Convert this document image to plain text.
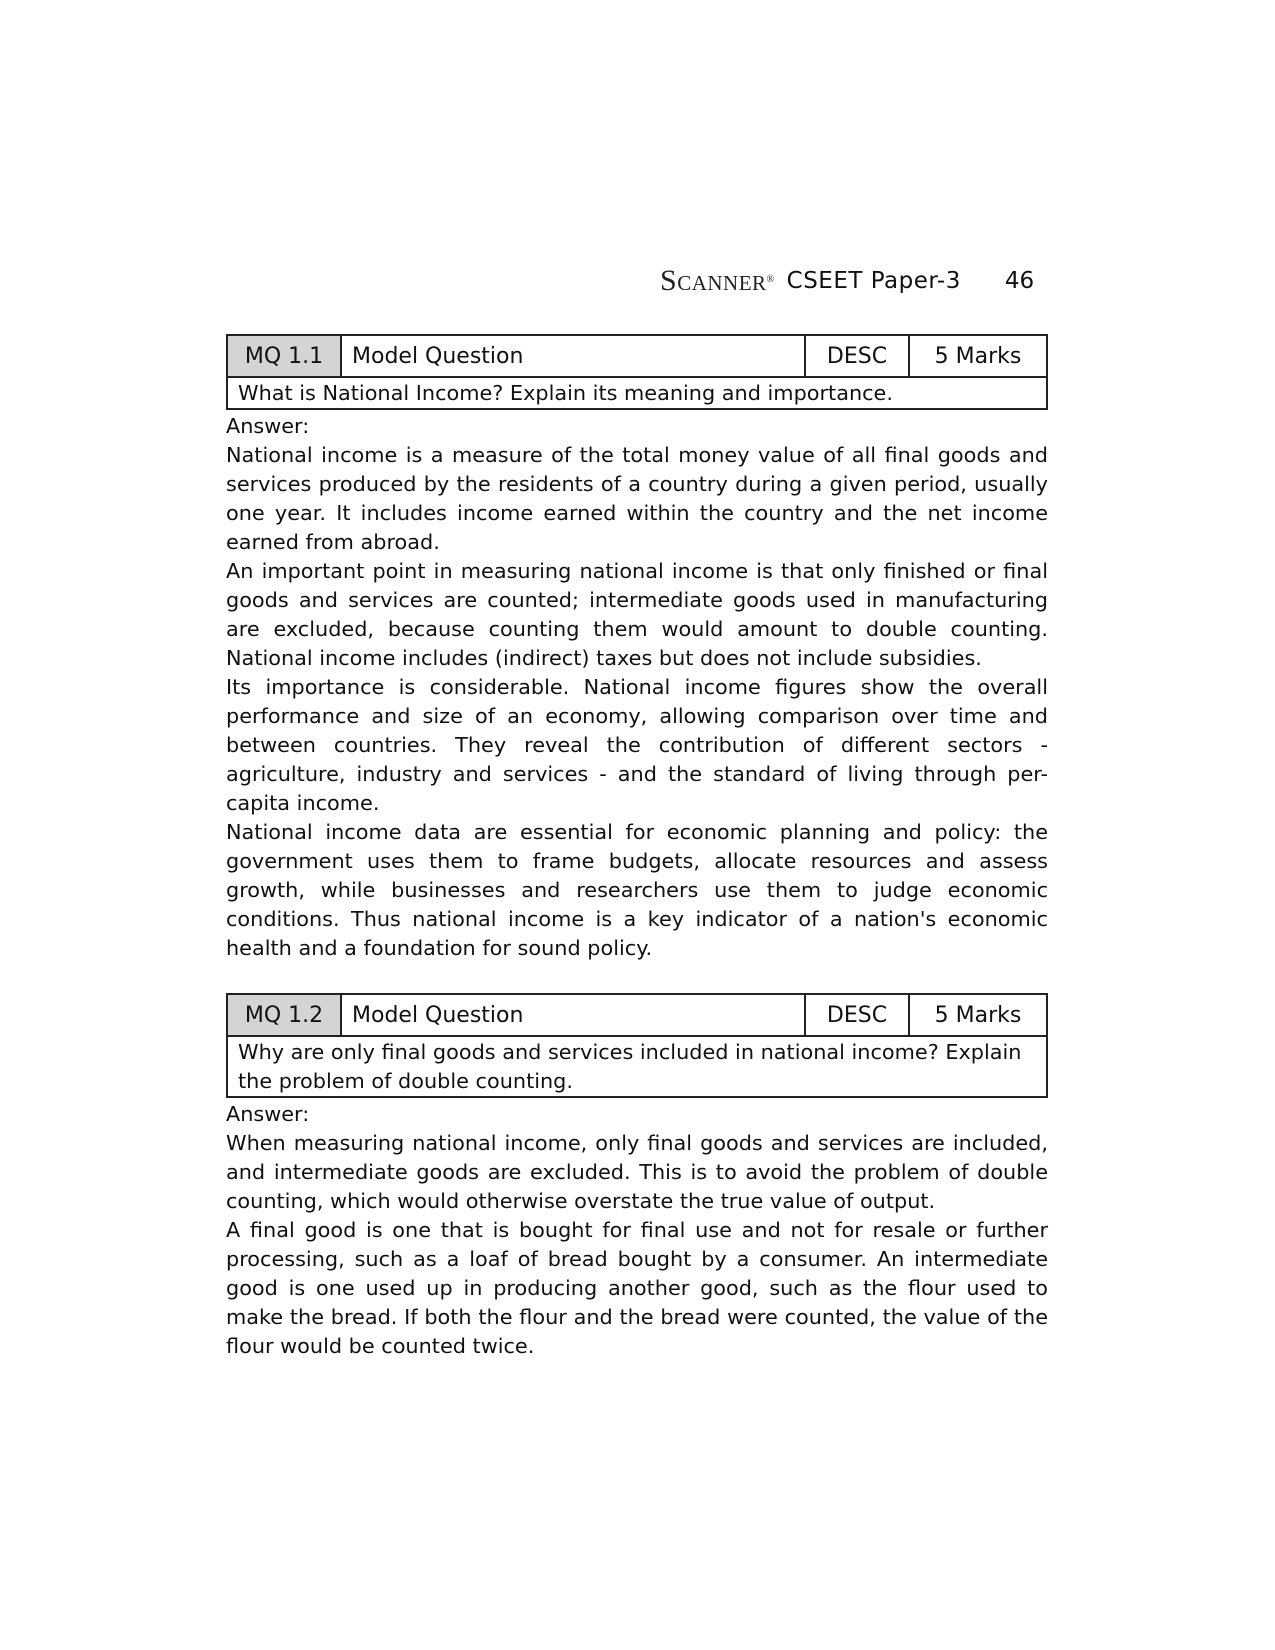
SCANNER® CSEET Paper-3 46
MQ 1.1	Model Question	DESC	5 Marks
What is National Income? Explain its meaning and importance.
Answer:

National income is a measure of the total money value of all final goods and services produced by the residents of a country during a given period, usually one year. It includes income earned within the country and the net income earned from abroad.

An important point in measuring national income is that only finished or final goods and services are counted; intermediate goods used in manufacturing are excluded, because counting them would amount to double counting. National income includes (indirect) taxes but does not include subsidies.

Its importance is considerable. National income figures show the overall performance and size of an economy, allowing comparison over time and between countries. They reveal the contribution of different sectors - agriculture, industry and services - and the standard of living through per-capita income.

National income data are essential for economic planning and policy: the government uses them to frame budgets, allocate resources and assess growth, while businesses and researchers use them to judge economic conditions. Thus national income is a key indicator of a nation's economic health and a foundation for sound policy.

MQ 1.2	Model Question	DESC	5 Marks
Why are only final goods and services included in national income? Explain the problem of double counting.
Answer:

When measuring national income, only final goods and services are included, and intermediate goods are excluded. This is to avoid the problem of double counting, which would otherwise overstate the true value of output.

A final good is one that is bought for final use and not for resale or further processing, such as a loaf of bread bought by a consumer. An intermediate good is one used up in producing another good, such as the flour used to make the bread. If both the flour and the bread were counted, the value of the flour would be counted twice.
